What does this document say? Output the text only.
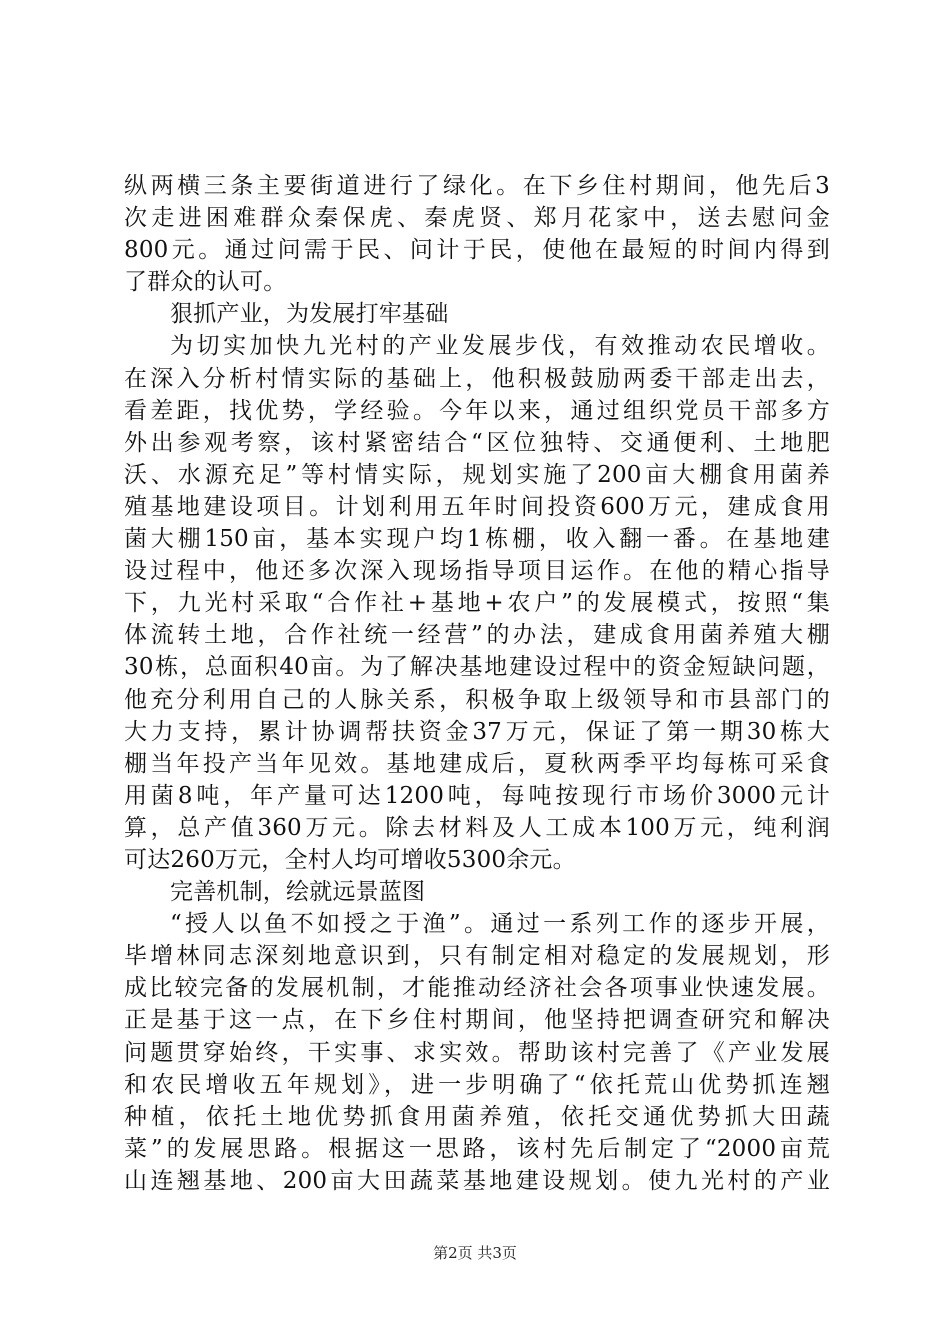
纵两横三条主要街道进行了绿化。在下乡住村期间，他先后3
次走进困难群众秦保虎、秦虎贤、郑月花家中，送去慰问金
800元。通过问需于民、问计于民，使他在最短的时间内得到
了群众的认可。
狠抓产业，为发展打牢基础
为切实加快九光村的产业发展步伐，有效推动农民增收。
在深入分析村情实际的基础上，他积极鼓励两委干部走出去，
看差距，找优势，学经验。今年以来，通过组织党员干部多方
外出参观考察，该村紧密结合“区位独特、交通便利、土地肥
沃、水源充足”等村情实际，规划实施了200亩大棚食用菌养
殖基地建设项目。计划利用五年时间投资600万元，建成食用
菌大棚150亩，基本实现户均1栋棚，收入翻一番。在基地建
设过程中，他还多次深入现场指导项目运作。在他的精心指导
下，九光村采取“合作社+基地+农户”的发展模式，按照“集
体流转土地，合作社统一经营”的办法，建成食用菌养殖大棚
30栋，总面积40亩。为了解决基地建设过程中的资金短缺问题，
他充分利用自己的人脉关系，积极争取上级领导和市县部门的
大力支持，累计协调帮扶资金37万元，保证了第一期30栋大
棚当年投产当年见效。基地建成后，夏秋两季平均每栋可采食
用菌8吨，年产量可达1200吨，每吨按现行市场价3000元计
算，总产值360万元。除去材料及人工成本100万元，纯利润
可达260万元，全村人均可增收5300余元。
完善机制，绘就远景蓝图
“授人以鱼不如授之于渔”。通过一系列工作的逐步开展，
毕增林同志深刻地意识到，只有制定相对稳定的发展规划，形
成比较完备的发展机制，才能推动经济社会各项事业快速发展。
正是基于这一点，在下乡住村期间，他坚持把调查研究和解决
问题贯穿始终，干实事、求实效。帮助该村完善了《产业发展
和农民增收五年规划》，进一步明确了“依托荒山优势抓连翘
种植，依托土地优势抓食用菌养殖，依托交通优势抓大田蔬
菜”的发展思路。根据这一思路，该村先后制定了“2000亩荒
山连翘基地、200亩大田蔬菜基地建设规划。使九光村的产业
第2页 共3页
